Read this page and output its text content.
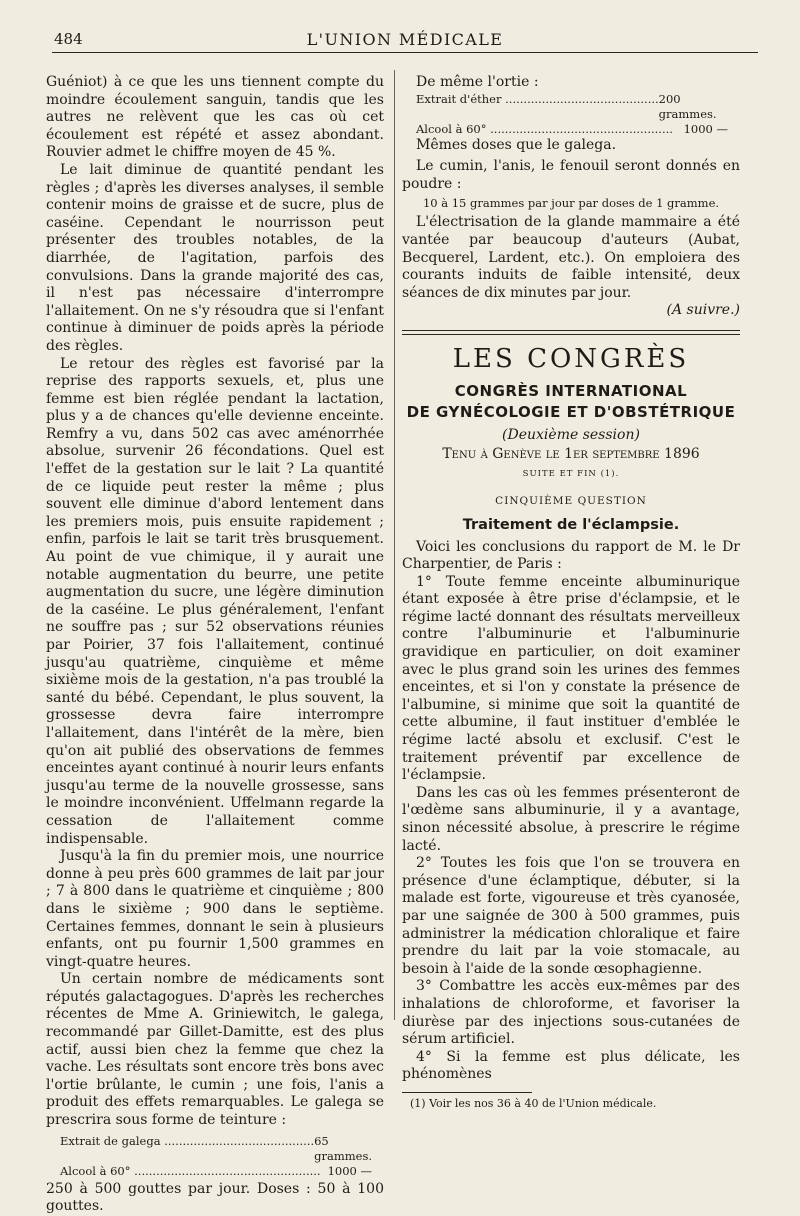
484	L'UNION MÉDICALE

Guéniot) à ce que les uns tiennent compte du moindre écoulement sanguin, tandis que les autres ne relèvent que les cas où cet écoulement est répété et assez abondant. Rouvier admet le chiffre moyen de 45 %.

Le lait diminue de quantité pendant les règles ; d'après les diverses analyses, il semble contenir moins de graisse et de sucre, plus de caséine. Cependant le nourrisson peut présenter des troubles notables, de la diarrhée, de l'agitation, parfois des convulsions. Dans la grande majorité des cas, il n'est pas nécessaire d'interrompre l'allaitement. On ne s'y résoudra que si l'enfant continue à diminuer de poids après la période des règles.

Le retour des règles est favorisé par la reprise des rapports sexuels, et, plus une femme est bien réglée pendant la lactation, plus y a de chances qu'elle devienne enceinte. Remfry a vu, dans 502 cas avec aménorrhée absolue, survenir 26 fécondations. Quel est l'effet de la gestation sur le lait ? La quantité de ce liquide peut rester la même ; plus souvent elle diminue d'abord lentement dans les premiers mois, puis ensuite rapidement ; enfin, parfois le lait se tarit très brusquement. Au point de vue chimique, il y aurait une notable augmentation du beurre, une petite augmentation du sucre, une légère diminution de la caséine. Le plus généralement, l'enfant ne souffre pas ; sur 52 observations réunies par Poirier, 37 fois l'allaitement, continué jusqu'au quatrième, cinquième et même sixième mois de la gestation, n'a pas troublé la santé du bébé. Cependant, le plus souvent, la grossesse devra faire interrompre l'allaitement, dans l'intérêt de la mère, bien qu'on ait publié des observations de femmes enceintes ayant continué à nourir leurs enfants jusqu'au terme de la nouvelle grossesse, sans le moindre inconvénient. Uffelmann regarde la cessation de l'allaitement comme indispensable.

Jusqu'à la fin du premier mois, une nourrice donne à peu près 600 grammes de lait par jour ; 7 à 800 dans le quatrième et cinquième ; 800 dans le sixième ; 900 dans le septième. Certaines femmes, donnant le sein à plusieurs enfants, ont pu fournir 1,500 grammes en vingt-quatre heures.

Un certain nombre de médicaments sont réputés galactagogues. D'après les recherches récentes de Mme A. Griniewitch, le galega, recommandé par Gillet-Damitte, est des plus actif, aussi bien chez la femme que chez la vache. Les résultats sont encore très bons avec l'ortie brûlante, le cumin ; une fois, l'anis a produit des effets remarquables. Le galega se prescrira sous forme de teinture :

Extrait de galega ......................................... 65 grammes.
Alcool à 60° ................................................... 1000 —

250 à 500 gouttes par jour. Doses : 50 à 100 gouttes.

De même l'ortie :

Extrait d'éther .......................................... 200 grammes.
Alcool à 60° .................................................. 1000 —

Mêmes doses que le galega.

Le cumin, l'anis, le fenouil seront donnés en poudre :

10 à 15 grammes par jour par doses de 1 gramme.

L'électrisation de la glande mammaire a été vantée par beaucoup d'auteurs (Aubat, Becquerel, Lardent, etc.). On emploiera des courants induits de faible intensité, deux séances de dix minutes par jour.

(A suivre.)

LES CONGRÈS
CONGRÈS INTERNATIONAL
DE GYNÉCOLOGIE ET D'OBSTÉTRIQUE
(Deuxième session)
Tenu à Genève le 1er septembre 1896
SUITE ET FIN (1).
CINQUIÈME QUESTION
Traitement de l'éclampsie.

Voici les conclusions du rapport de M. le Dr Charpentier, de Paris :

1° Toute femme enceinte albuminurique étant exposée à être prise d'éclampsie, et le régime lacté donnant des résultats merveilleux contre l'albuminurie et l'albuminurie gravidique en particulier, on doit examiner avec le plus grand soin les urines des femmes enceintes, et si l'on y constate la présence de l'albumine, si minime que soit la quantité de cette albumine, il faut instituer d'emblée le régime lacté absolu et exclusif. C'est le traitement préventif par excellence de l'éclampsie.

Dans les cas où les femmes présenteront de l'œdème sans albuminurie, il y a avantage, sinon nécessité absolue, à prescrire le régime lacté.

2° Toutes les fois que l'on se trouvera en présence d'une éclamptique, débuter, si la malade est forte, vigoureuse et très cyanosée, par une saignée de 300 à 500 grammes, puis administrer la médication chloralique et faire prendre du lait par la voie stomacale, au besoin à l'aide de la sonde œsophagienne.

3° Combattre les accès eux-mêmes par des inhalations de chloroforme, et favoriser la diurèse par des injections sous-cutanées de sérum artificiel.

4° Si la femme est plus délicate, les phénomènes

(1) Voir les nos 36 à 40 de l'Union médicale.
